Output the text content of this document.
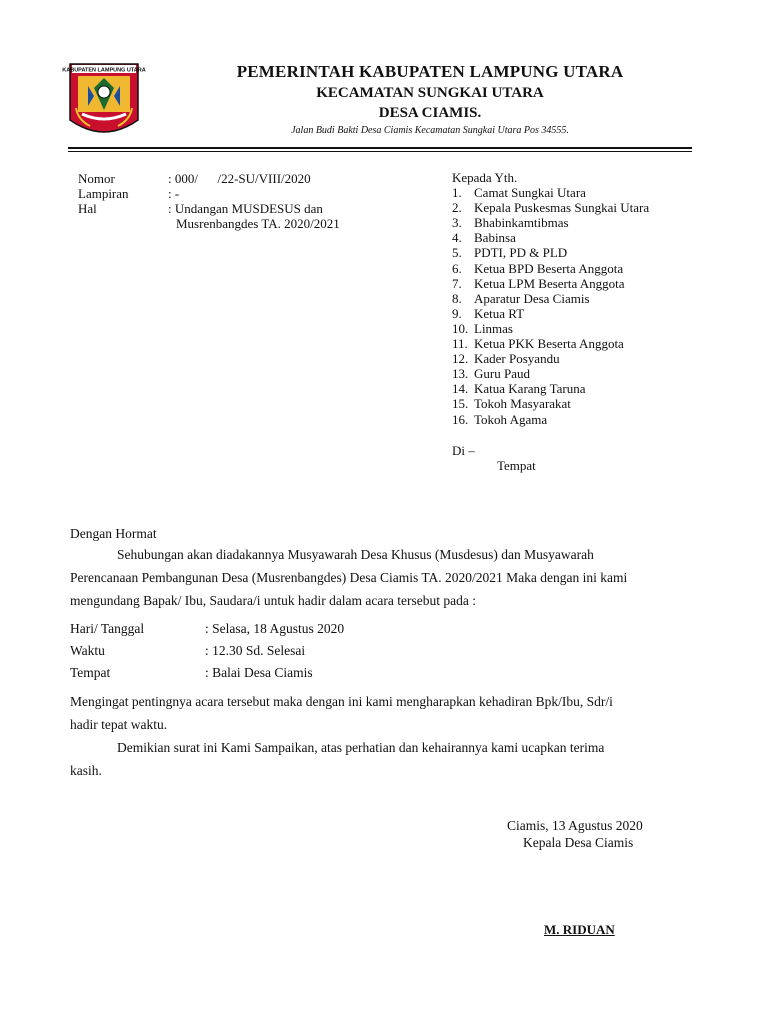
KABUPATEN LAMPUNG UTARA	PEMERINTAH KABUPATEN LAMPUNG UTARA
KECAMATAN SUNGKAI UTARA
DESA CIAMIS.
Jalan Budi Bakti Desa Ciamis Kecamatan Sungkai Utara Pos 34555.
Nomor	: 000/      /22-SU/VIII/2020
Lampiran	: -
Hal	: Undangan MUSDESUS dan
Musrenbangdes TA. 2020/2021
Kepada Yth.
1. Camat Sungkai Utara
2. Kepala Puskesmas Sungkai Utara
3. Bhabinkamtibmas
4. Babinsa
5. PDTI, PD & PLD
6. Ketua BPD Beserta Anggota
7. Ketua LPM Beserta Anggota
8. Aparatur Desa Ciamis
9. Ketua RT
10. Linmas
11. Ketua PKK Beserta Anggota
12. Kader Posyandu
13. Guru Paud
14. Katua Karang Taruna
15. Tokoh Masyarakat
16. Tokoh Agama
Di –
Tempat
Dengan Hormat
Sehubungan akan diadakannya Musyawarah Desa Khusus (Musdesus) dan Musyawarah
Perencanaan Pembangunan Desa (Musrenbangdes) Desa Ciamis TA. 2020/2021 Maka dengan ini kami
mengundang Bapak/ Ibu, Saudara/i untuk hadir dalam acara tersebut pada :
Hari/ Tanggal	: Selasa, 18 Agustus 2020
Waktu	: 12.30 Sd. Selesai
Tempat	: Balai Desa Ciamis
Mengingat pentingnya acara tersebut maka dengan ini kami mengharapkan kehadiran Bpk/Ibu, Sdr/i
hadir tepat waktu.
Demikian surat ini Kami Sampaikan, atas perhatian dan kehairannya kami ucapkan terima
kasih.
Ciamis, 13 Agustus 2020
Kepala Desa Ciamis
M. RIDUAN
